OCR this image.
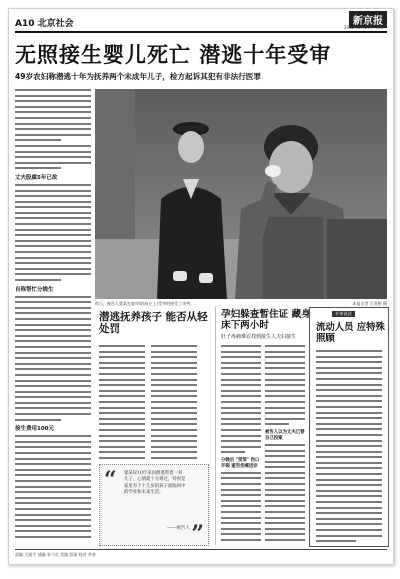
A10 北京社会	新京报
2012年2月21日 星期二
无照接生婴儿死亡 潜逃十年受审
49岁农妇称潜逃十年为抚养两个未成年儿子，检方起诉其犯有非法行医罪
丈夫股腐5年已故
自称帮忙分娩生
接生费用100元
昨日，被告人翟某在庭审现场(左上)受审时接受了审判。	本报记者 王贵彬 摄
潜逃抚养孩子 能否从轻处罚
“
”
翟某说10年来因潜逃带着一双儿子，心情就十分难过，特别是家里有个十几岁的孩子面临初中的学业和未来生活。
——被告人
孕妇躲查暂住证 藏身床下两小时
肚子疼痛难忍找到接生人夫妇接生
分娩后 "受罪" 伤口开裂 遂至伤痛送诊
被告人以为丈夫已替自己投案
专家说法
流动人员 应特殊照顾
责编 王媛平 插编 张弓长 美编 彭丽 校对 李金
